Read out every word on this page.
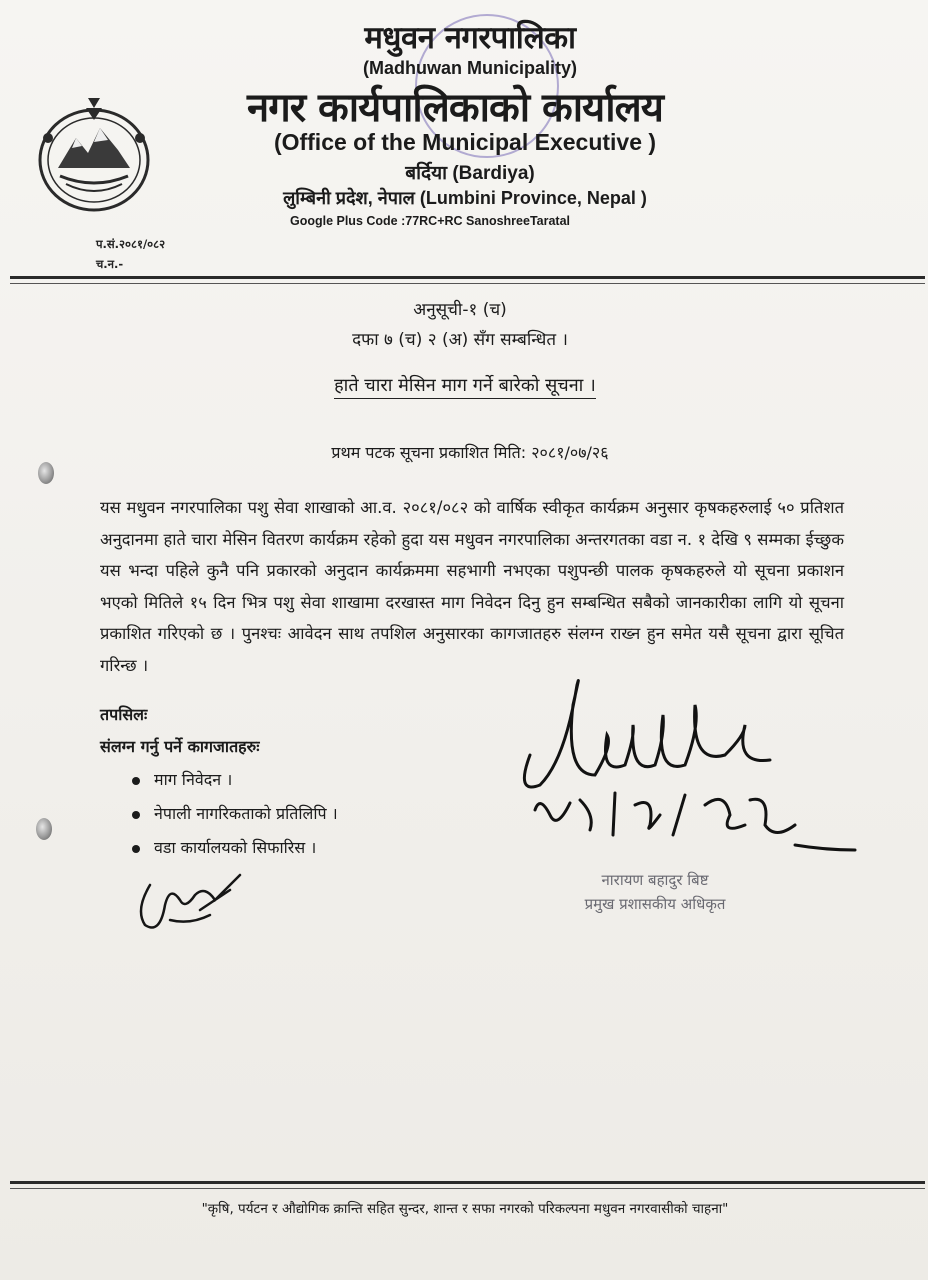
मधुवन नगरपालिका
(Madhuwan Municipality)
नगर कार्यपालिकाको कार्यालय
(Office of the Municipal Executive )
बर्दिया (Bardiya)
लुम्बिनी प्रदेश, नेपाल (Lumbini Province, Nepal )
Google Plus Code :77RC+RC SanoshreeTaratal
प.सं.२०८१/०८२
च.न.-
अनुसूची-१ (च)
दफा ७ (च) २ (अ) सँग सम्बन्धित ।
हाते चारा मेसिन माग गर्ने बारेको सूचना ।
प्रथम पटक सूचना प्रकाशित मिति: २०८१/०७/२६
यस मधुवन नगरपालिका पशु सेवा शाखाको आ.व. २०८१/०८२ को वार्षिक स्वीकृत कार्यक्रम अनुसार कृषकहरुलाई ५० प्रतिशत अनुदानमा हाते चारा मेसिन वितरण कार्यक्रम रहेको हुदा यस मधुवन नगरपालिका अन्तरगतका वडा न. १ देखि ९ सम्मका ईच्छुक यस भन्दा पहिले कुनै पनि प्रकारको अनुदान कार्यक्रममा सहभागी नभएका पशुपन्छी पालक कृषकहरुले यो सूचना प्रकाशन भएको मितिले १५ दिन भित्र पशु सेवा शाखामा दरखास्त माग निवेदन दिनु हुन सम्बन्धित सबैको जानकारीका लागि यो सूचना प्रकाशित गरिएको छ । पुनश्चः आवेदन साथ तपशिल अनुसारका कागजातहरु संलग्न राख्न हुन समेत यसै सूचना द्वारा सूचित गरिन्छ ।
तपसिलः
संलग्न गर्नु पर्ने कागजातहरुः
माग निवेदन ।
नेपाली नागरिकताको प्रतिलिपि ।
वडा कार्यालयको सिफारिस ।
नारायण बहादुर बिष्ट
प्रमुख प्रशासकीय अधिकृत
"कृषि, पर्यटन र औद्योगिक क्रान्ति सहित सुन्दर, शान्त र सफा नगरको परिकल्पना मधुवन नगरवासीको चाहना"
